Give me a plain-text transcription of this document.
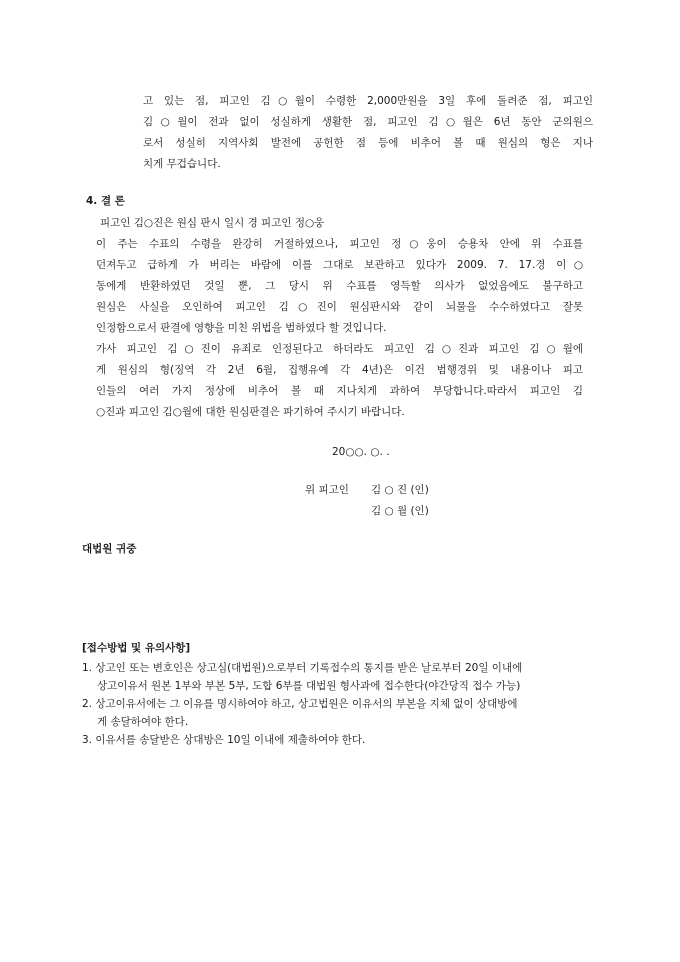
고 있는 점, 피고인 김○월이 수령한 2,000만원을 3일 후에 돌려준 점, 피고인
김○월이 전과 없이 성실하게 생활한 점, 피고인 김○월은 6년 동안 군의원으
로서 성실히 지역사회 발전에 공헌한 점 등에 비추어 볼 때 원심의 형은 지나
치게 무겁습니다.
4. 결 론
피고인 김○진은 원심 판시 일시 경 피고인 정○웅
이 주는 수표의 수령을 완강히 거절하였으나, 피고인 정○웅이 승용차 안에 위 수표를
던져두고 급하게 가 버리는 바람에 이를 그대로 보관하고 있다가 2009. 7. 17.경 이○
동에게 반환하였던 것일 뿐, 그 당시 위 수표를 영득할 의사가 없었음에도 불구하고
원심은 사실을 오인하여 피고인 김○진이 원심판시와 같이 뇌물을 수수하였다고 잘못
인정함으로서 판결에 영향을 미친 위법을 범하였다 할 것입니다.
가사 피고인 김○진이 유죄로 인정된다고 하더라도 피고인 김○진과 피고인 김○월에
게 원심의 형(징역 각 2년 6월, 집행유예 각 4년)은 이건 범행경위 및 내용이나 피고
인들의 여러 가지 정상에 비추어 볼 때 지나치게 과하여 부당합니다.따라서 피고인 김
○진과 피고인 김○월에 대한 원심판결은 파기하여 주시기 바랍니다.
20○○. ○. .
위 피고인 김 ○ 진 (인)
김 ○ 월 (인)
대법원 귀중
[접수방법 및 유의사항]
1. 상고인 또는 변호인은 상고심(대법원)으로부터 기록접수의 통지를 받은 날로부터 20일 이내에
상고이유서 원본 1부와 부본 5부, 도합 6부를 대법원 형사과에 접수한다(야간당직 접수 가능)
2. 상고이유서에는 그 이유를 명시하여야 하고, 상고법원은 이유서의 부본을 지체 없이 상대방에
게 송달하여야 한다.
3. 이유서를 송달받은 상대방은 10일 이내에 제출하여야 한다.
